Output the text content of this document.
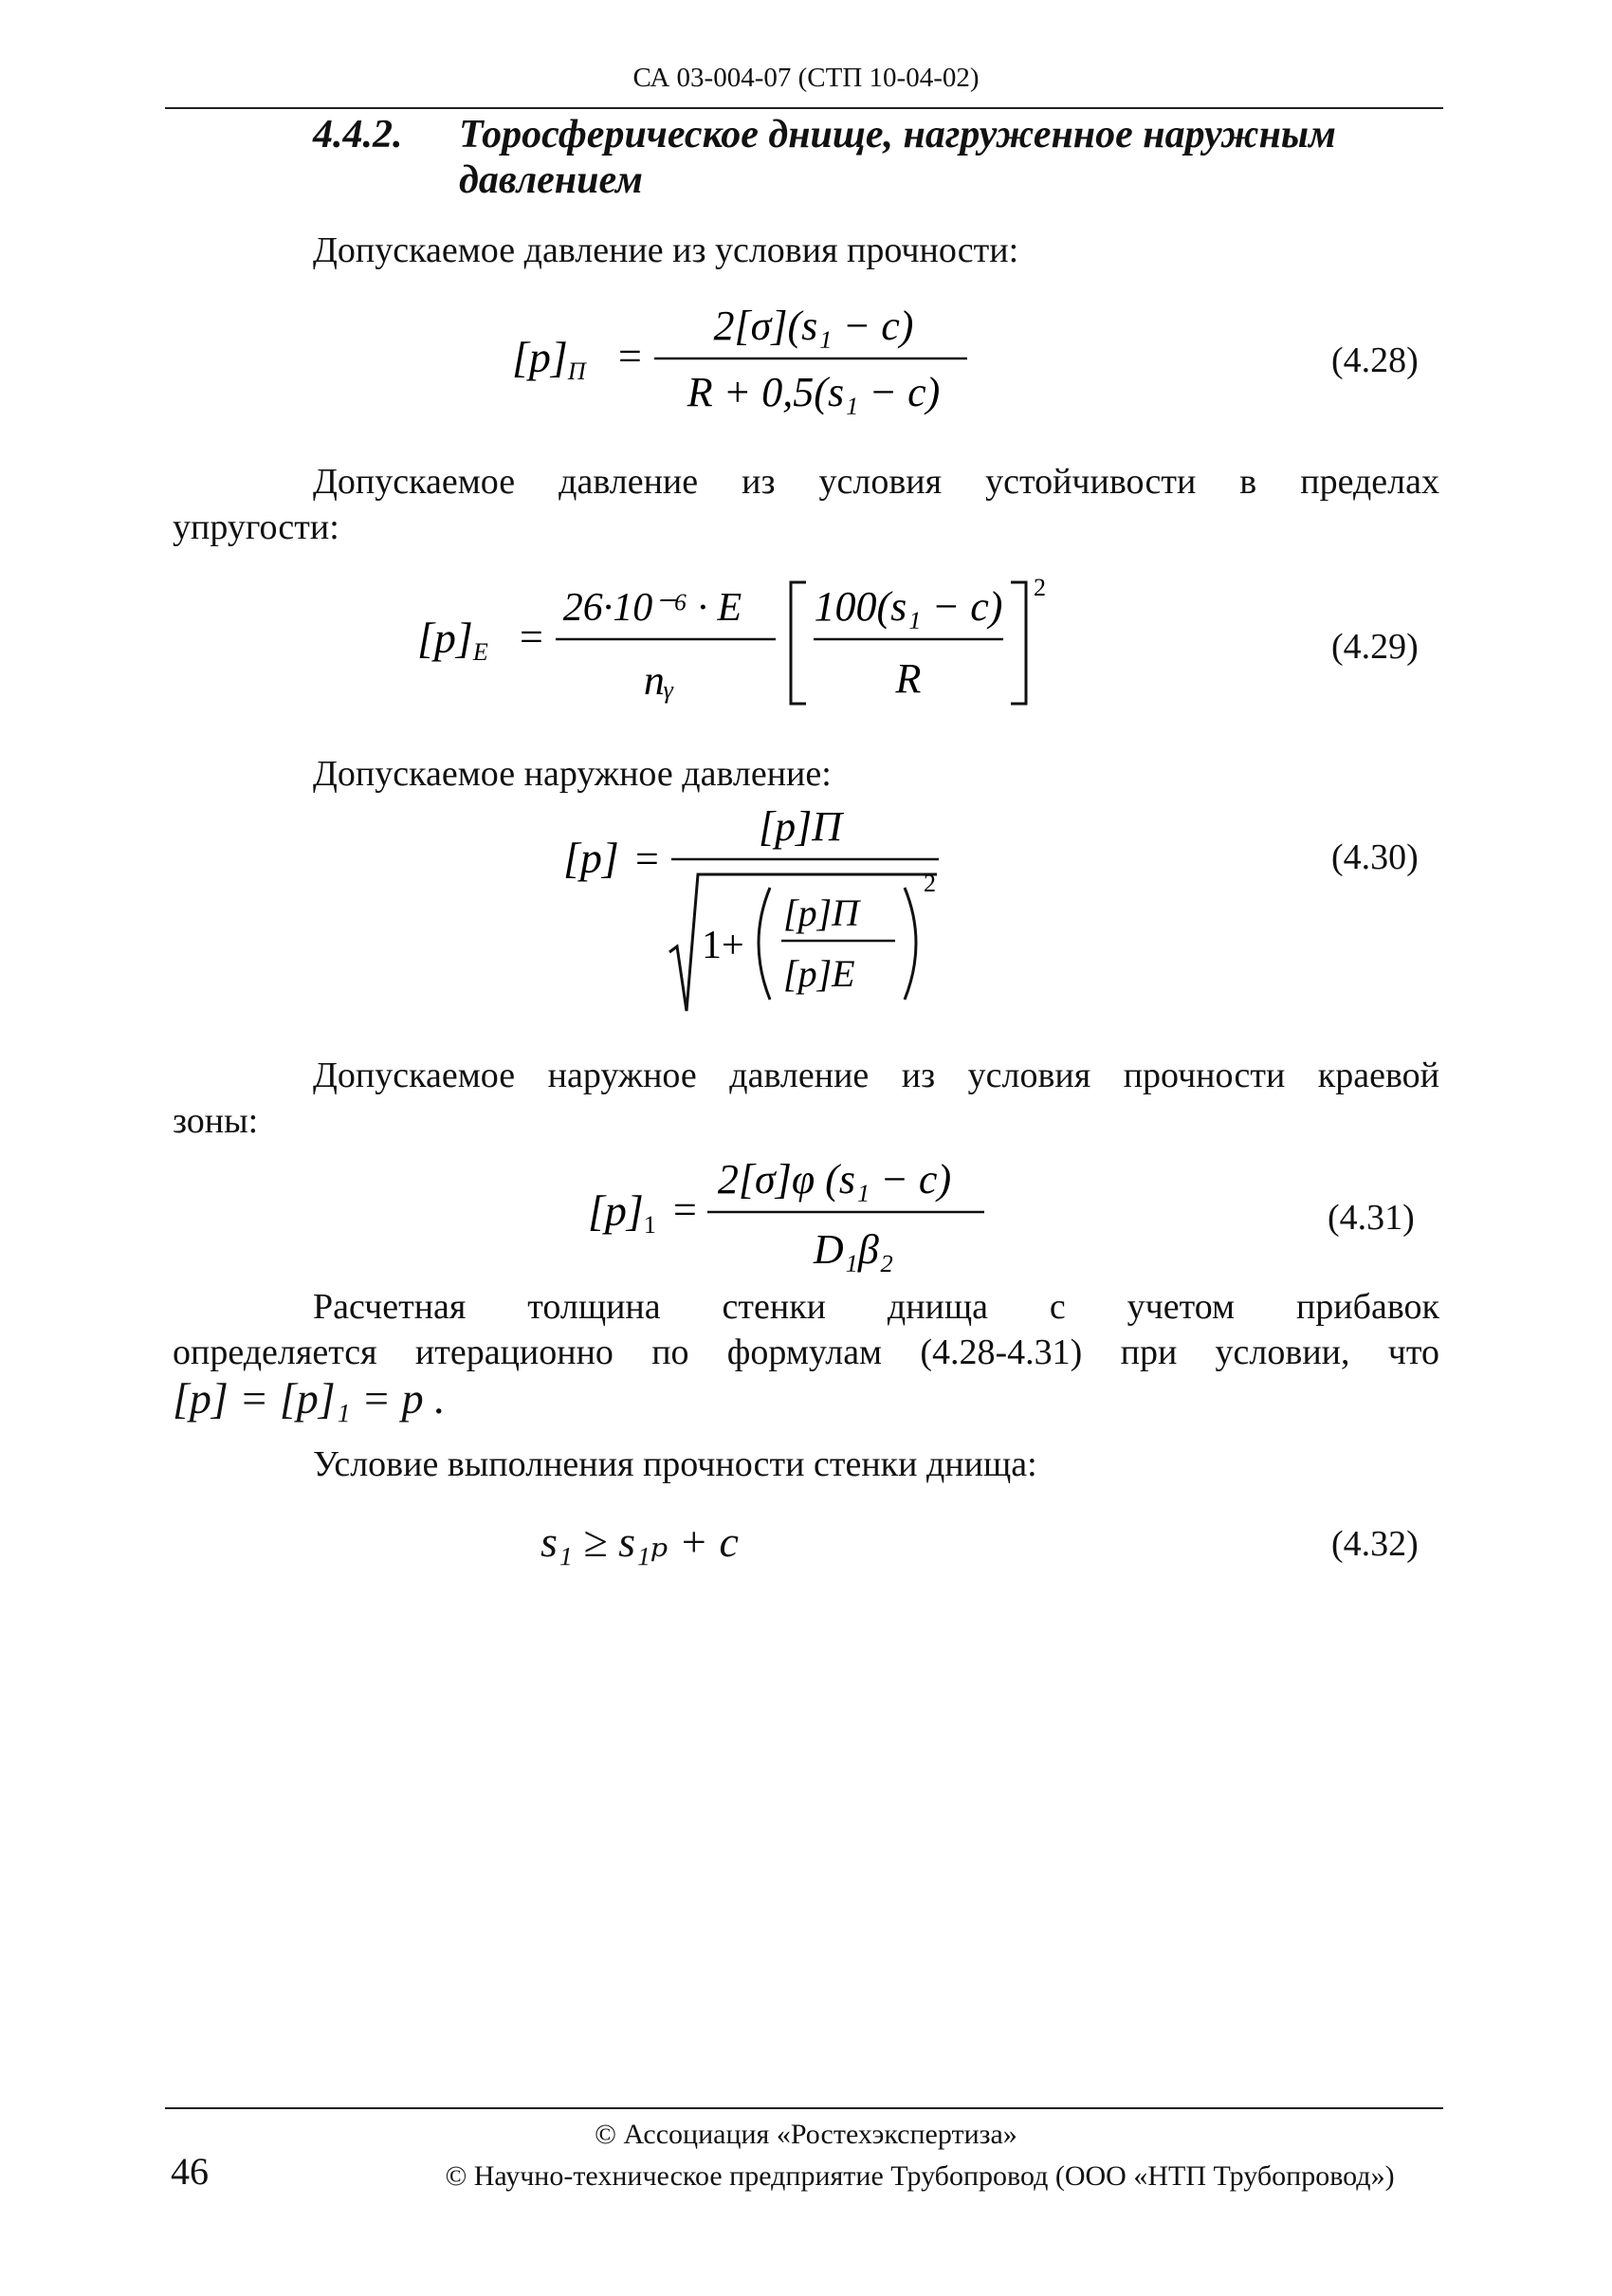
СА 03-004-07 (СТП 10-04-02)
4.4.2. Торосферическое днище, нагруженное наружным давлением
Допускаемое давление из условия прочности:
[p]П =
2[σ](s₁ − c)
R + 0,5(s₁ − c)
(4.28)
Допускаемое давление из условия устойчивости в пределах
упругости:
[p]E =
26·10⁻⁶ · E
nᵧ
100(s₁ − c)
R
2
(4.29)
Допускаемое наружное давление:
[p] =
[p]П
1+
[p]П
[p]E
2
(4.30)
Допускаемое наружное давление из условия прочности краевой
зоны:
[p]1 =
2[σ]φ (s₁ − c)
D₁β₂
(4.31)
Расчетная толщина стенки днища с учетом прибавок
определяется итерационно по формулам (4.28-4.31) при условии, что
[p] = [p]₁ = p .
Условие выполнения прочности стенки днища:
s₁ ≥ s₁ₚ + c	(4.32)
© Ассоциация «Ростехэкспертиза»
© Научно-техническое предприятие Трубопровод (ООО «НТП Трубопровод»)
46
